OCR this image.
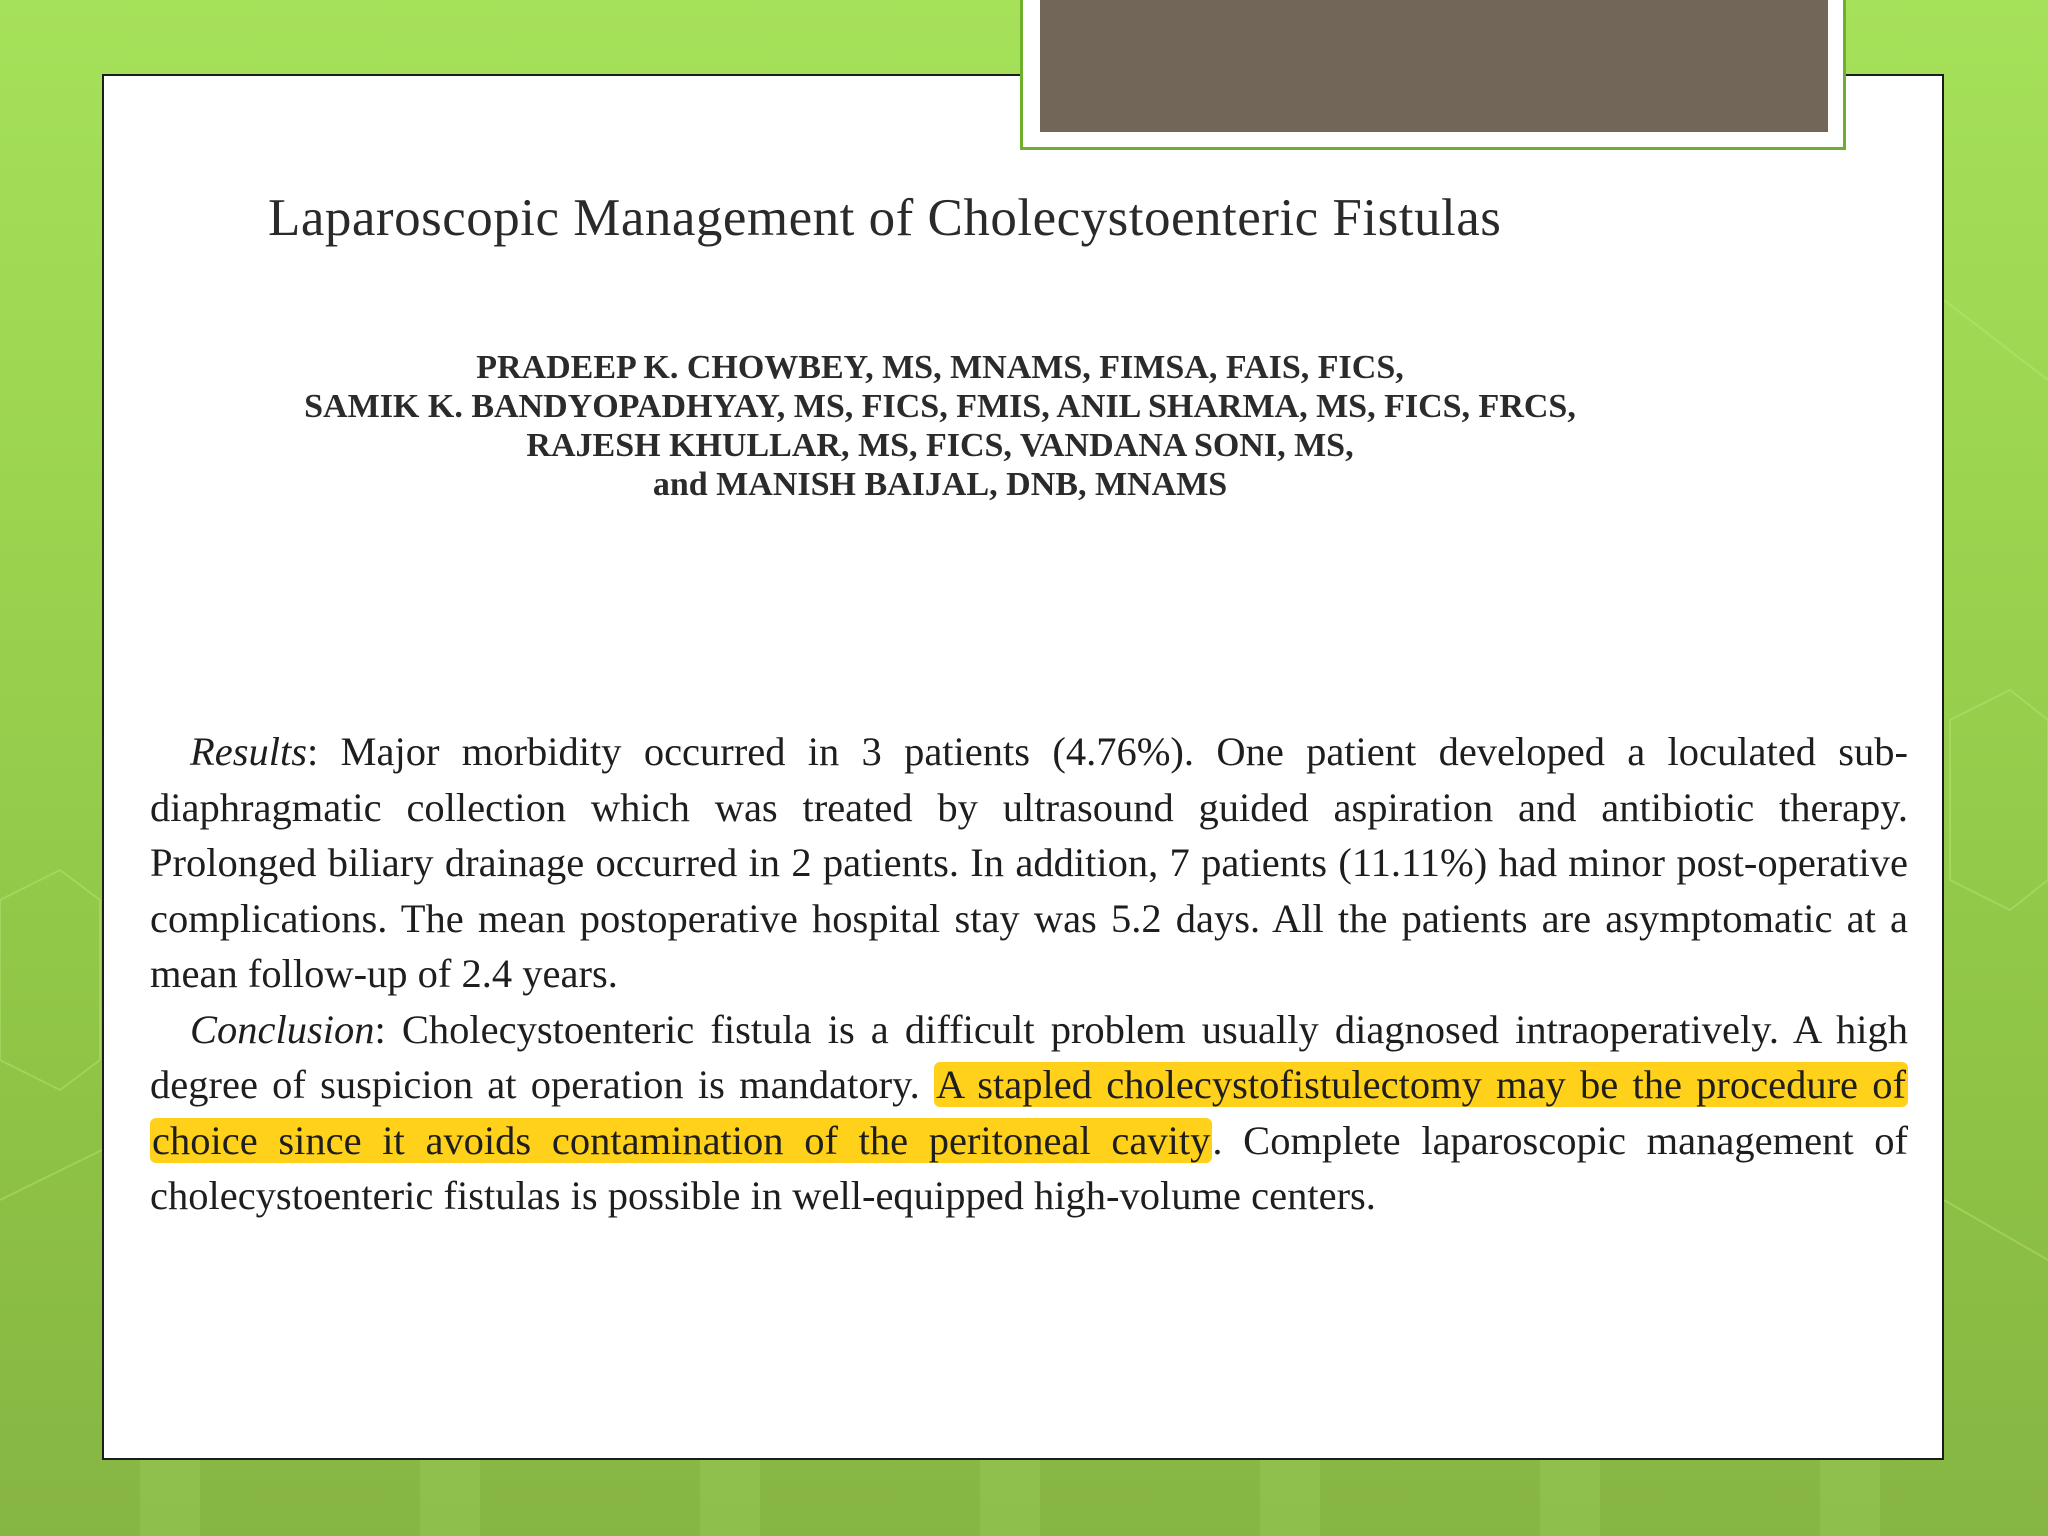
Laparoscopic Management of Cholecystoenteric Fistulas
PRADEEP K. CHOWBEY, MS, MNAMS, FIMSA, FAIS, FICS,
SAMIK K. BANDYOPADHYAY, MS, FICS, FMIS, ANIL SHARMA, MS, FICS, FRCS,
RAJESH KHULLAR, MS, FICS, VANDANA SONI, MS,
and MANISH BAIJAL, DNB, MNAMS

Results: Major morbidity occurred in 3 patients (4.76%). One patient developed a loculated sub-diaphragmatic collection which was treated by ultrasound guided aspiration and antibiotic therapy. Prolonged biliary drainage occurred in 2 patients. In addition, 7 patients (11.11%) had minor post-operative complications. The mean postoperative hospital stay was 5.2 days. All the patients are asymptomatic at a mean follow-up of 2.4 years.

Conclusion: Cholecystoenteric fistula is a difficult problem usually diagnosed intraoperatively. A high degree of suspicion at operation is mandatory. A stapled cholecystofistulectomy may be the procedure of choice since it avoids contamination of the peritoneal cavity. Complete laparoscopic management of cholecystoenteric fistulas is possible in well-equipped high-volume centers.
